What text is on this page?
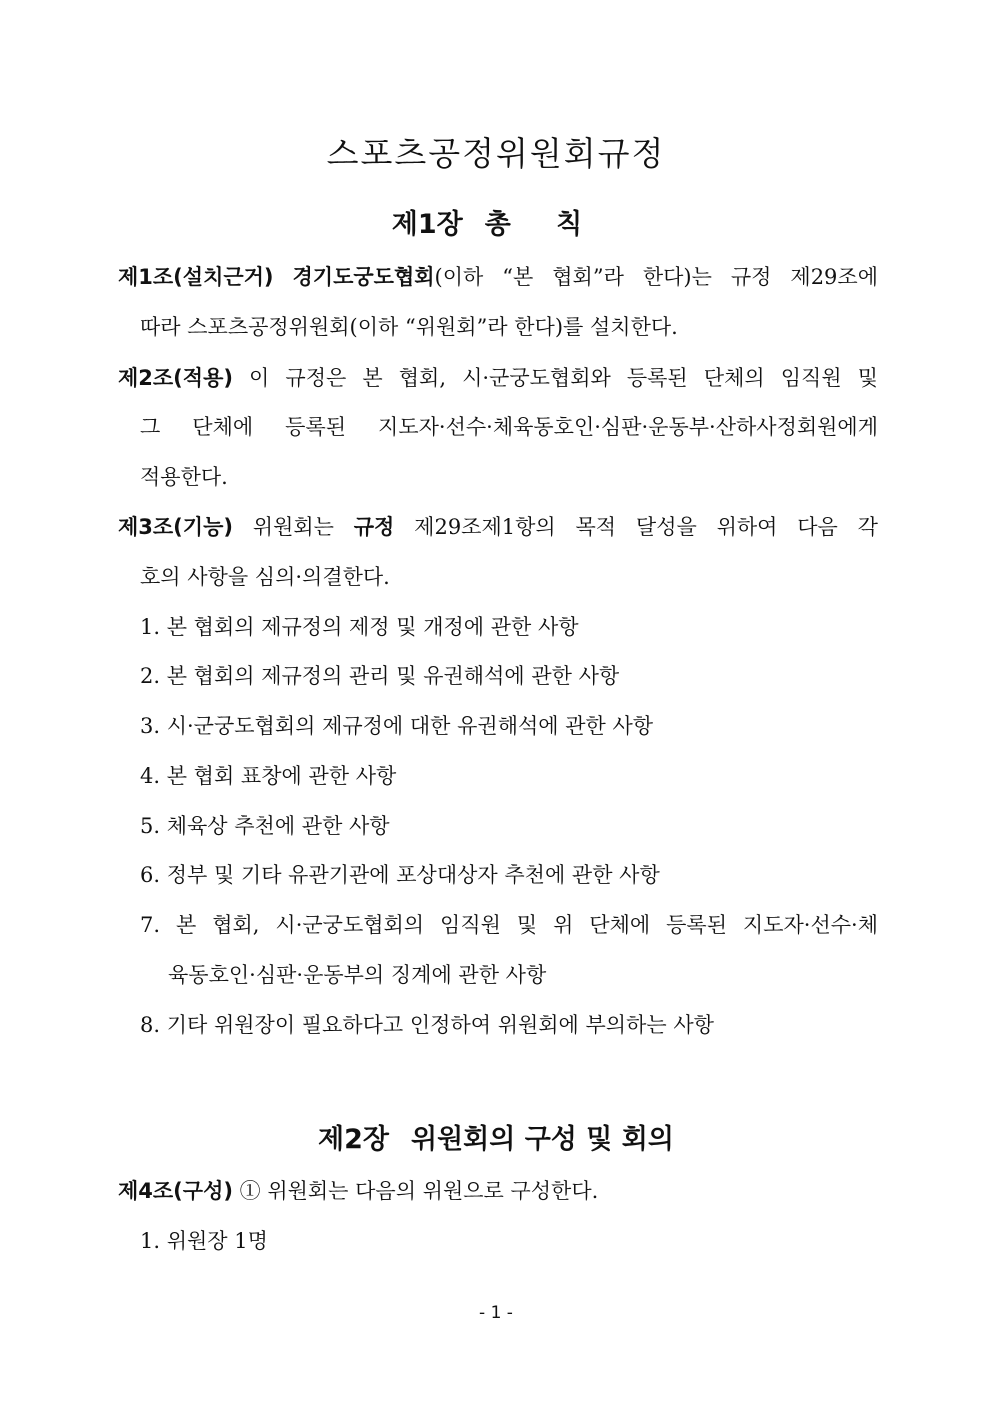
스포츠공정위원회규정
제1장 총 칙
제1조(설치근거) 경기도궁도협회(이하 “본 협회”라 한다)는 규정 제29조에
따라 스포츠공정위원회(이하 “위원회”라 한다)를 설치한다.
제2조(적용) 이 규정은 본 협회, 시·군궁도협회와 등록된 단체의 임직원 및
그 단체에 등록된 지도자·선수·체육동호인·심판·운동부·산하사정회원에게
적용한다.
제3조(기능) 위원회는 규정 제29조제1항의 목적 달성을 위하여 다음 각
호의 사항을 심의·의결한다.
1. 본 협회의 제규정의 제정 및 개정에 관한 사항
2. 본 협회의 제규정의 관리 및 유권해석에 관한 사항
3. 시·군궁도협회의 제규정에 대한 유권해석에 관한 사항
4. 본 협회 표창에 관한 사항
5. 체육상 추천에 관한 사항
6. 정부 및 기타 유관기관에 포상대상자 추천에 관한 사항
7. 본 협회, 시·군궁도협회의 임직원 및 위 단체에 등록된 지도자·선수·체
육동호인·심판·운동부의 징계에 관한 사항
8. 기타 위원장이 필요하다고 인정하여 위원회에 부의하는 사항
제2장 위원회의 구성 및 회의
제4조(구성) ① 위원회는 다음의 위원으로 구성한다.
1. 위원장 1명
- 1 -
